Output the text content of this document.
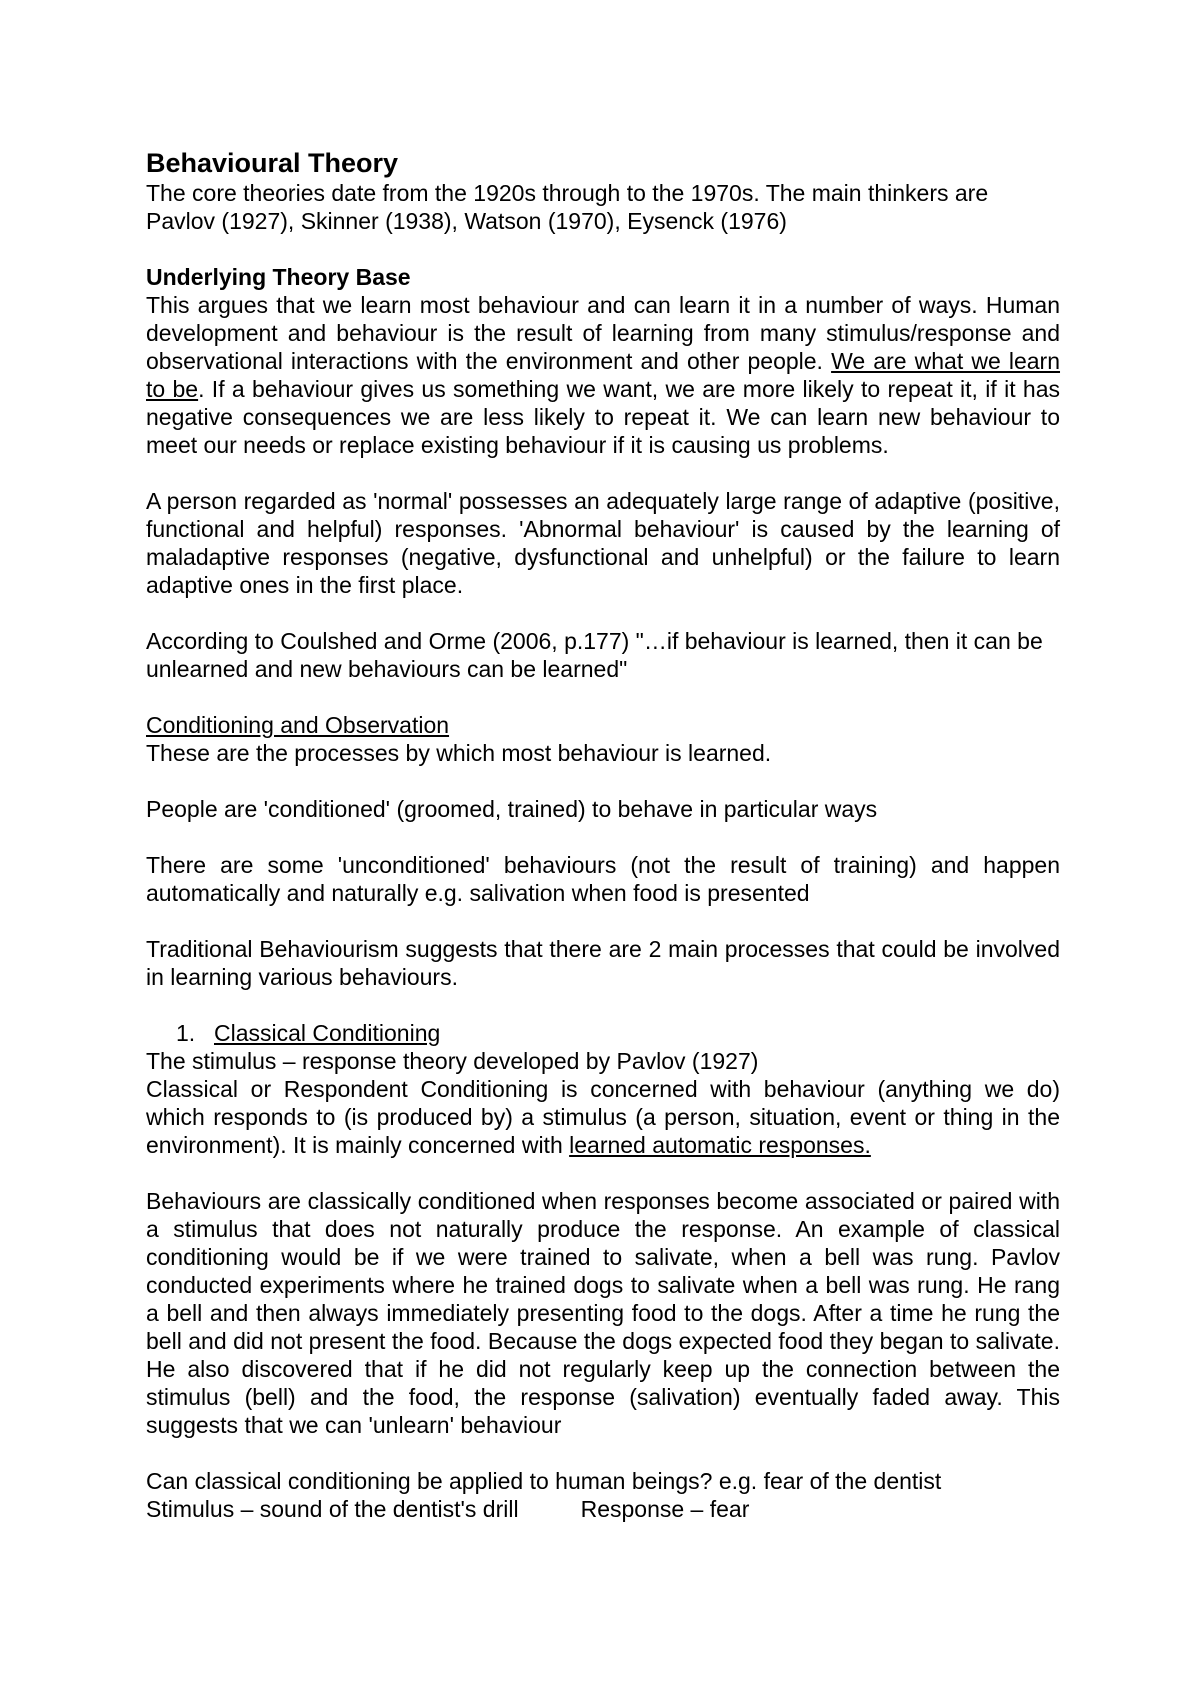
Behavioural Theory

The core theories date from the 1920s through to the 1970s. The main thinkers are Pavlov (1927), Skinner (1938), Watson (1970), Eysenck (1976)

Underlying Theory Base

This argues that we learn most behaviour and can learn it in a number of ways. Human development and behaviour is the result of learning from many stimulus/response and observational interactions with the environment and other people. We are what we learn to be. If a behaviour gives us something we want, we are more likely to repeat it, if it has negative consequences we are less likely to repeat it. We can learn new behaviour to meet our needs or replace existing behaviour if it is causing us problems.

A person regarded as 'normal' possesses an adequately large range of adaptive (positive, functional and helpful) responses. 'Abnormal behaviour' is caused by the learning of maladaptive responses (negative, dysfunctional and unhelpful) or the failure to learn adaptive ones in the first place.

According to Coulshed and Orme (2006, p.177) "…if behaviour is learned, then it can be unlearned and new behaviours can be learned"

Conditioning and Observation

These are the processes by which most behaviour is learned.

People are 'conditioned' (groomed, trained) to behave in particular ways

There are some 'unconditioned' behaviours (not the result of training) and happen automatically and naturally e.g. salivation when food is presented

Traditional Behaviourism suggests that there are 2 main processes that could be involved in learning various behaviours.

1. Classical Conditioning

The stimulus – response theory developed by Pavlov (1927)

Classical or Respondent Conditioning is concerned with behaviour (anything we do) which responds to (is produced by) a stimulus (a person, situation, event or thing in the environment). It is mainly concerned with learned automatic responses.

Behaviours are classically conditioned when responses become associated or paired with a stimulus that does not naturally produce the response. An example of classical conditioning would be if we were trained to salivate, when a bell was rung. Pavlov conducted experiments where he trained dogs to salivate when a bell was rung. He rang a bell and then always immediately presenting food to the dogs. After a time he rung the bell and did not present the food. Because the dogs expected food they began to salivate. He also discovered that if he did not regularly keep up the connection between the stimulus (bell) and the food, the response (salivation) eventually faded away. This suggests that we can 'unlearn' behaviour

Can classical conditioning be applied to human beings? e.g. fear of the dentist

Stimulus – sound of the dentist's drill	Response – fear
